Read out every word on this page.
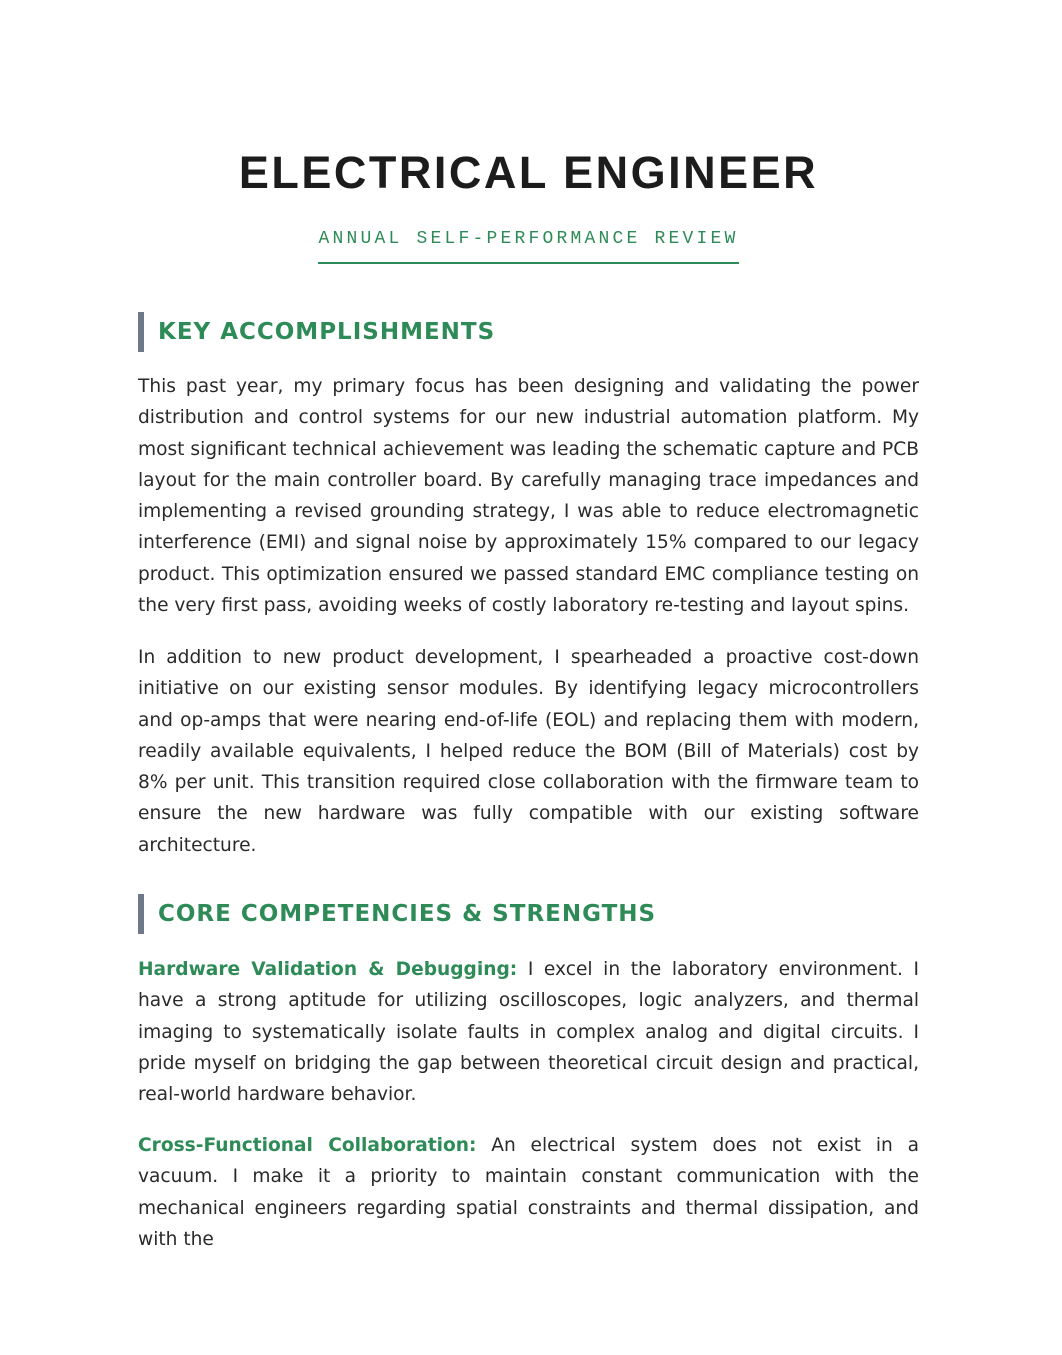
ELECTRICAL ENGINEER
ANNUAL SELF-PERFORMANCE REVIEW
KEY ACCOMPLISHMENTS

This past year, my primary focus has been designing and validating the power distribution and control systems for our new industrial automation platform. My most significant technical achievement was leading the schematic capture and PCB layout for the main controller board. By carefully managing trace impedances and implementing a revised grounding strategy, I was able to reduce electromagnetic interference (EMI) and signal noise by approximately 15% compared to our legacy product. This optimization ensured we passed standard EMC compliance testing on the very first pass, avoiding weeks of costly laboratory re-testing and layout spins.

In addition to new product development, I spearheaded a proactive cost-down initiative on our existing sensor modules. By identifying legacy microcontrollers and op-amps that were nearing end-of-life (EOL) and replacing them with modern, readily available equivalents, I helped reduce the BOM (Bill of Materials) cost by 8% per unit. This transition required close collaboration with the firmware team to ensure the new hardware was fully compatible with our existing software architecture.

CORE COMPETENCIES & STRENGTHS

Hardware Validation & Debugging: I excel in the laboratory environment. I have a strong aptitude for utilizing oscilloscopes, logic analyzers, and thermal imaging to systematically isolate faults in complex analog and digital circuits. I pride myself on bridging the gap between theoretical circuit design and practical, real-world hardware behavior.

Cross-Functional Collaboration: An electrical system does not exist in a vacuum. I make it a priority to maintain constant communication with the mechanical engineers regarding spatial constraints and thermal dissipation, and with the
